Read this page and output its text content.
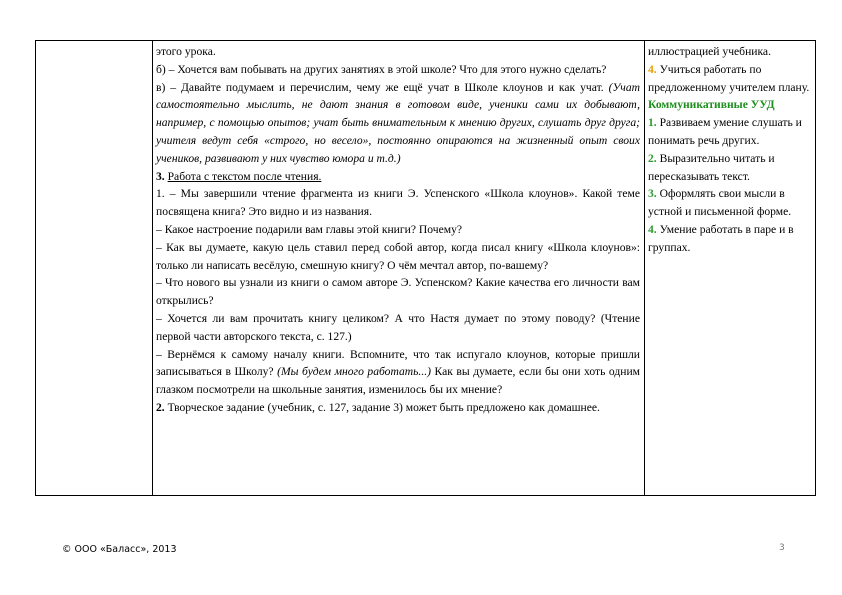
этого урока.

б) – Хочется вам побывать на других занятиях в этой школе? Что для этого нужно сделать?

в) – Давайте подумаем и перечислим, чему же ещё учат в Школе клоунов и как учат. (Учат самостоятельно мыслить, не дают знания в готовом виде, ученики сами их добывают, например, с помощью опытов; учат быть внимательным к мнению других, слушать друг друга; учителя ведут себя «строго, но весело», постоянно опираются на жизненный опыт своих учеников, развивают у них чувство юмора и т.д.)

3. Работа с текстом после чтения.

1. – Мы завершили чтение фрагмента из книги Э. Успенского «Школа клоунов». Какой теме посвящена книга? Это видно и из названия.

– Какое настроение подарили вам главы этой книги? Почему?

– Как вы думаете, какую цель ставил перед собой автор, когда писал книгу «Школа клоунов»: только ли написать весёлую, смешную книгу? О чём мечтал автор, по-вашему?

– Что нового вы узнали из книги о самом авторе Э. Успенском? Какие качества его личности вам открылись?

– Хочется ли вам прочитать книгу целиком? А что Настя думает по этому поводу? (Чтение первой части авторского текста, с. 127.)

– Вернёмся к самому началу книги. Вспомните, что так испугало клоунов, которые пришли записываться в Школу? (Мы будем много работать...) Как вы думаете, если бы они хоть одним глазком посмотрели на школьные занятия, изменилось бы их мнение?

2. Творческое задание (учебник, с. 127, задание 3) может быть предложено как домашнее.

иллюстрацией учебника.

4. Учиться работать по предложенному учителем плану.

Коммуникативные УУД

1. Развиваем умение слушать и понимать речь других.

2. Выразительно читать и пересказывать текст.

3. Оформлять свои мысли в устной и письменной форме.

4. Умение работать в паре и в группах.

© ООО «Баласс», 2013	3
